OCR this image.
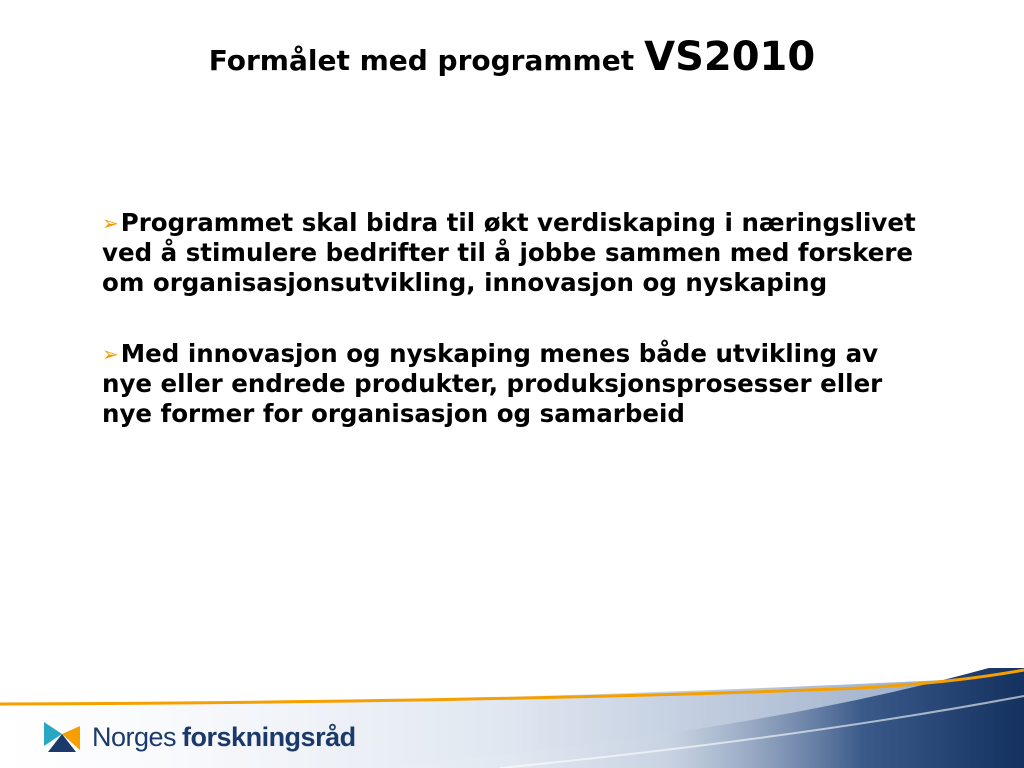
Formålet med programmet VS2010
➢Programmet skal bidra til økt verdiskaping i næringslivet ved å stimulere bedrifter til å jobbe sammen med forskere om organisasjonsutvikling, innovasjon og nyskaping
➢Med innovasjon og nyskaping menes både utvikling av nye eller endrede produkter, produksjonsprosesser eller nye former for organisasjon og samarbeid
Norges forskningsråd
